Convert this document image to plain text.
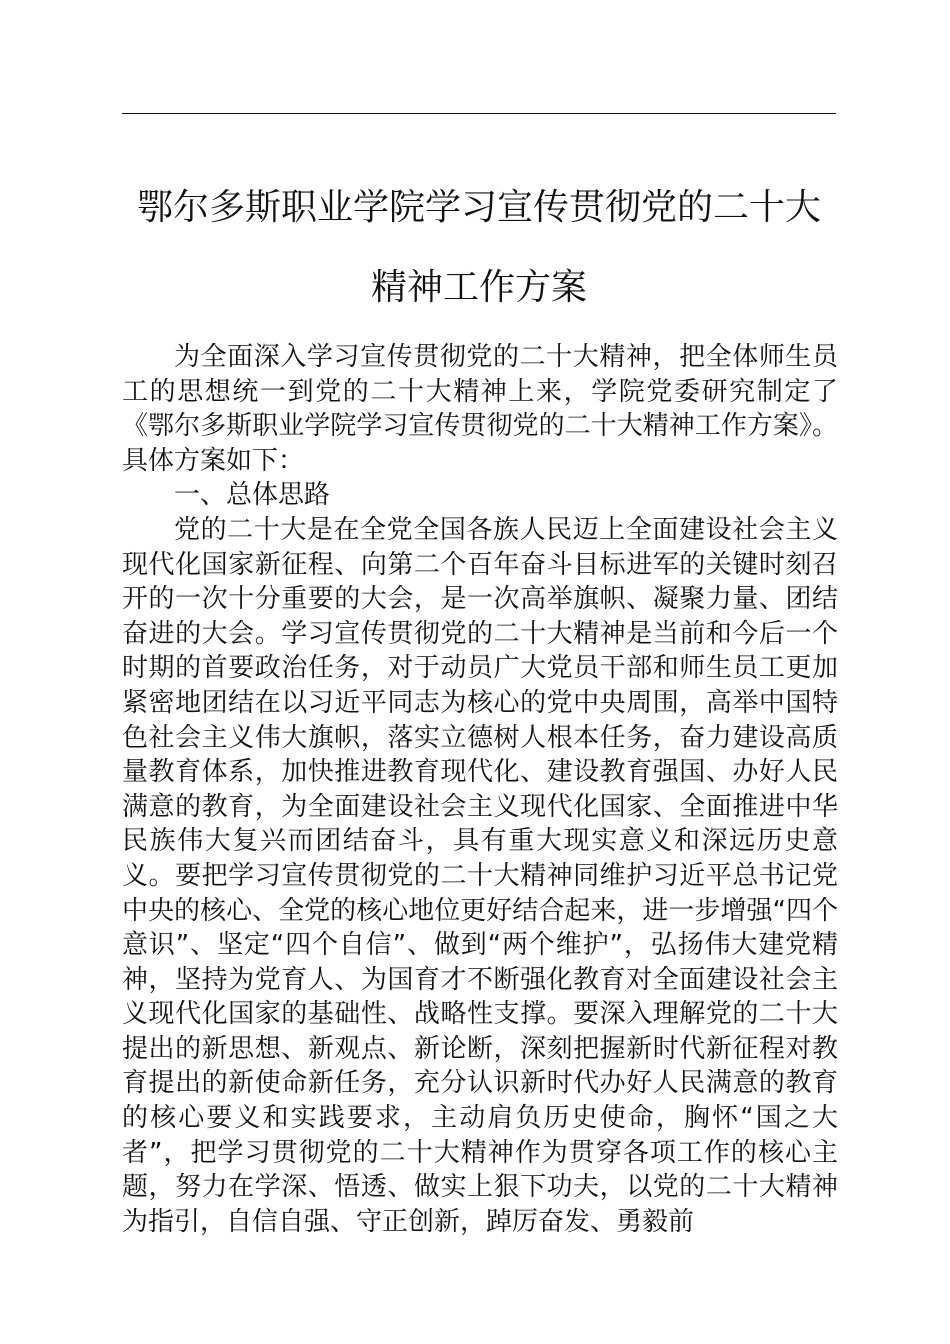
鄂尔多斯职业学院学习宣传贯彻党的二十大精神工作方案

为全面深入学习宣传贯彻党的二十大精神，把全体师生员工的思想统一到党的二十大精神上来，学院党委研究制定了《鄂尔多斯职业学院学习宣传贯彻党的二十大精神工作方案》。具体方案如下：

一、总体思路

党的二十大是在全党全国各族人民迈上全面建设社会主义现代化国家新征程、向第二个百年奋斗目标进军的关键时刻召开的一次十分重要的大会，是一次高举旗帜、凝聚力量、团结奋进的大会。学习宣传贯彻党的二十大精神是当前和今后一个时期的首要政治任务，对于动员广大党员干部和师生员工更加紧密地团结在以习近平同志为核心的党中央周围，高举中国特色社会主义伟大旗帜，落实立德树人根本任务，奋力建设高质量教育体系，加快推进教育现代化、建设教育强国、办好人民满意的教育，为全面建设社会主义现代化国家、全面推进中华民族伟大复兴而团结奋斗，具有重大现实意义和深远历史意义。要把学习宣传贯彻党的二十大精神同维护习近平总书记党中央的核心、全党的核心地位更好结合起来，进一步增强“四个意识”、坚定“四个自信”、做到“两个维护”，弘扬伟大建党精神，坚持为党育人、为国育才不断强化教育对全面建设社会主义现代化国家的基础性、战略性支撑。要深入理解党的二十大提出的新思想、新观点、新论断，深刻把握新时代新征程对教育提出的新使命新任务，充分认识新时代办好人民满意的教育的核心要义和实践要求，主动肩负历史使命，胸怀“国之大者”，把学习贯彻党的二十大精神作为贯穿各项工作的核心主题，努力在学深、悟透、做实上狠下功夫，以党的二十大精神为指引，自信自强、守正创新，踔厉奋发、勇毅前
